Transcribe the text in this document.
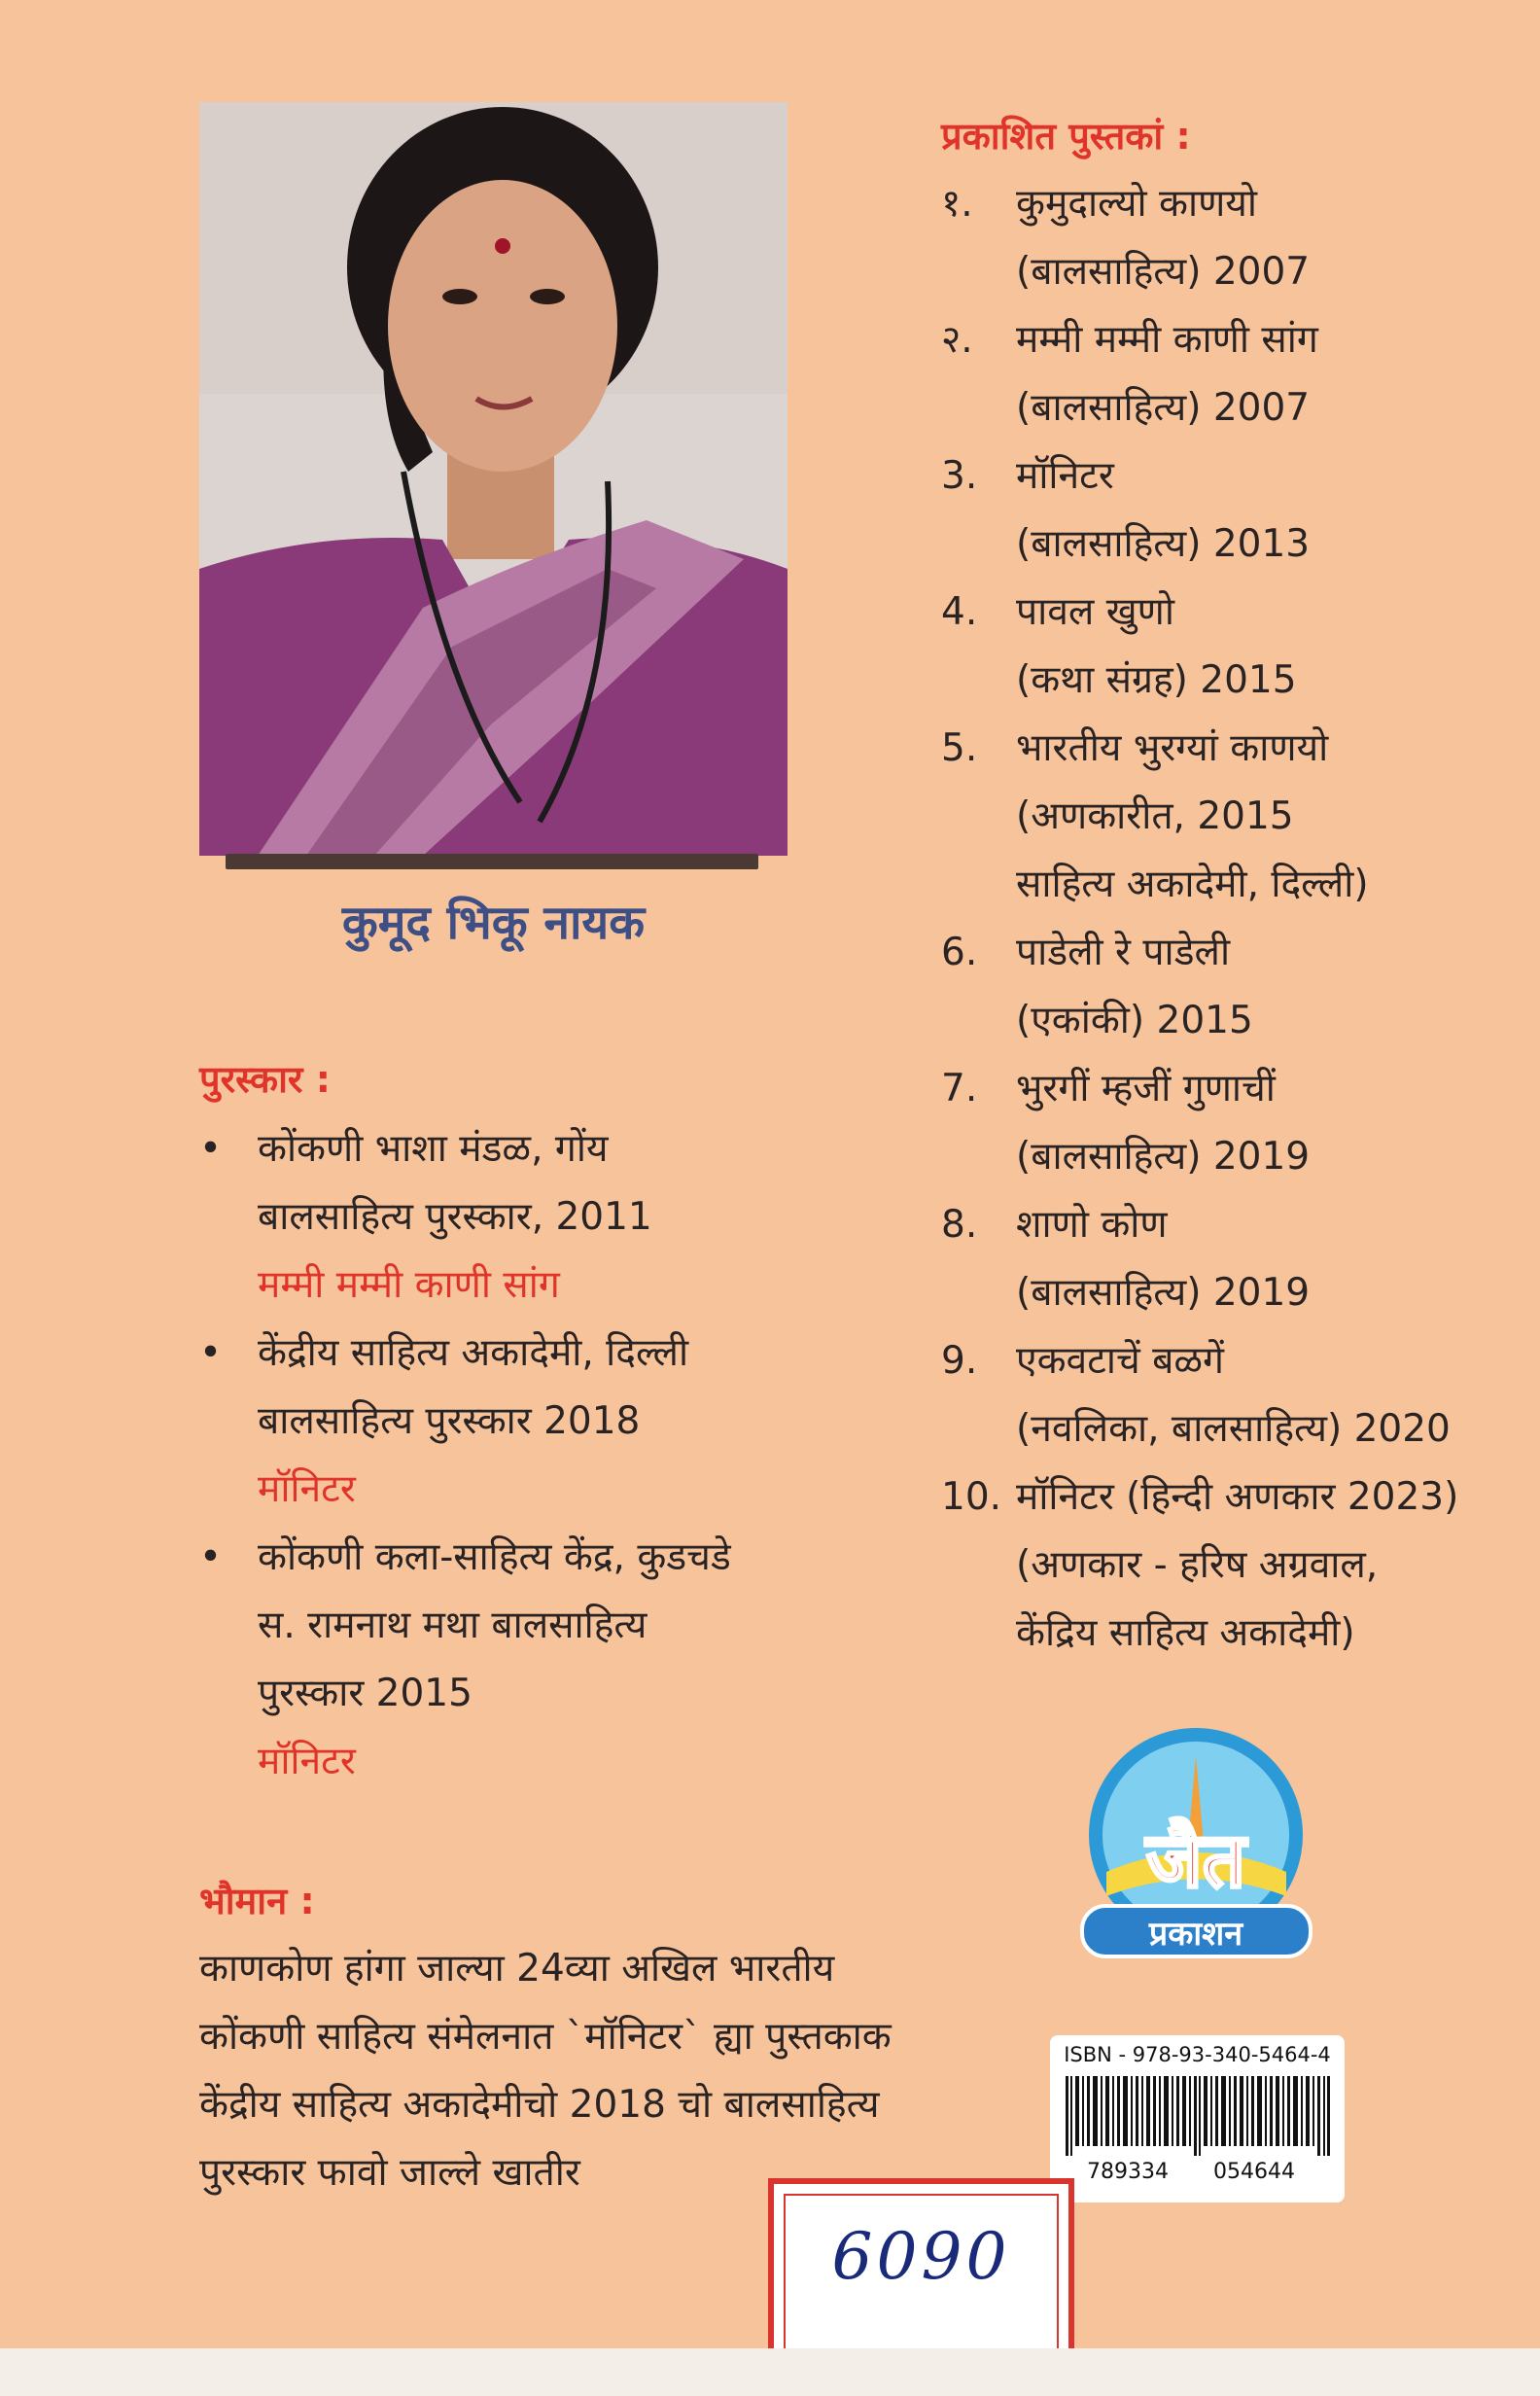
कुमूद भिकू नायक
पुरस्कार :
• कोंकणी भाशा मंडळ, गोंय
बालसाहित्य पुरस्कार, 2011
मम्मी मम्मी काणी सांग
• केंद्रीय साहित्य अकादेमी, दिल्ली
बालसाहित्य पुरस्कार 2018
मॉनिटर
• कोंकणी कला-साहित्य केंद्र, कुडचडे
स. रामनाथ मथा बालसाहित्य
पुरस्कार 2015
मॉनिटर
प्रकाशित पुस्तकां :
१.	कुमुदाल्यो काणयो
(बालसाहित्य) 2007
२.	मम्मी मम्मी काणी सांग
(बालसाहित्य) 2007
3.	मॉनिटर
(बालसाहित्य) 2013
4.	पावल खुणो
(कथा संग्रह) 2015
5.	भारतीय भुरग्यां काणयो
(अणकारीत, 2015
साहित्य अकादेमी, दिल्ली)
6.	पाडेली रे पाडेली
(एकांकी) 2015
7.	भुरगीं म्हजीं गुणाचीं
(बालसाहित्य) 2019
8.	शाणो कोण
(बालसाहित्य) 2019
9.	एकवटाचें बळगें
(नवलिका, बालसाहित्य) 2020
10. मॉनिटर (हिन्दी अणकार 2023)
(अणकार - हरिष अग्रवाल,
केंद्रिय साहित्य अकादेमी)
जैत
प्रकाशन
ISBN - 978-93-340-5464-4
789334 054644
भौमान :

काणकोण हांगा जाल्या 24व्या अखिल भारतीय कोंकणी साहित्य संमेलनात `मॉनिटर` ह्या पुस्तकाक केंद्रीय साहित्य अकादेमीचो 2018 चो बालसाहित्य पुरस्कार फावो जाल्ले खातीर

6090
